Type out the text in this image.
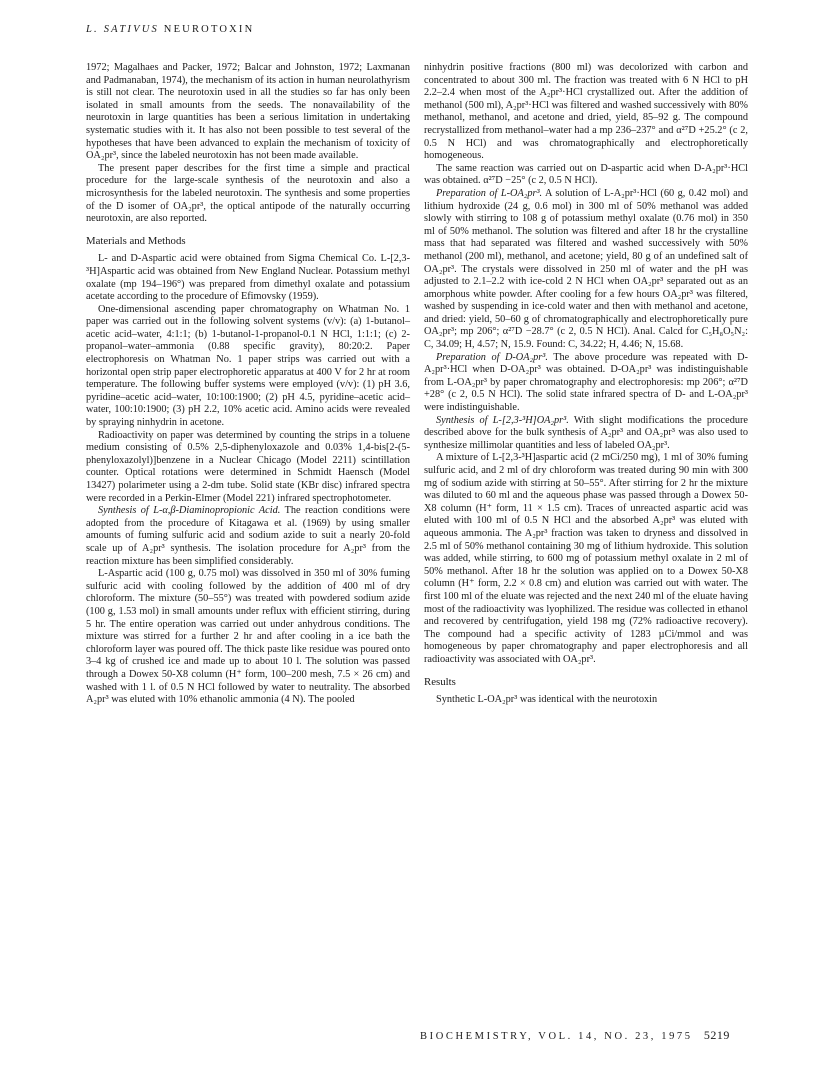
L. SATIVUS NEUROTOXIN

1972; Magalhaes and Packer, 1972; Balcar and Johnston, 1972; Laxmanan and Padmanaban, 1974), the mechanism of its action in human neurolathyrism is still not clear. The neurotoxin used in all the studies so far has only been isolated in small amounts from the seeds. The nonavailability of the neurotoxin in large quantities has been a serious limitation in undertaking systematic studies with it. It has also not been possible to test several of the hypotheses that have been advanced to explain the mechanism of toxicity of OA₂pr³, since the labeled neurotoxin has not been made available.

The present paper describes for the first time a simple and practical procedure for the large-scale synthesis of the neurotoxin and also a microsynthesis for the labeled neurotoxin. The synthesis and some properties of the D isomer of OA₂pr³, the optical antipode of the naturally occurring neurotoxin, are also reported.

Materials and Methods

L- and D-Aspartic acid were obtained from Sigma Chemical Co. L-[2,3-³H]Aspartic acid was obtained from New England Nuclear. Potassium methyl oxalate (mp 194–196°) was prepared from dimethyl oxalate and potassium acetate according to the procedure of Efimovsky (1959).

One-dimensional ascending paper chromatography on Whatman No. 1 paper was carried out in the following solvent systems (v/v): (a) 1-butanol–acetic acid–water, 4:1:1; (b) 1-butanol-1-propanol-0.1 N HCl, 1:1:1; (c) 2-propanol–water–ammonia (0.88 specific gravity), 80:20:2. Paper electrophoresis on Whatman No. 1 paper strips was carried out with a horizontal open strip paper electrophoretic apparatus at 400 V for 2 hr at room temperature. The following buffer systems were employed (v/v): (1) pH 3.6, pyridine–acetic acid–water, 10:100:1900; (2) pH 4.5, pyridine–acetic acid–water, 100:10:1900; (3) pH 2.2, 10% acetic acid. Amino acids were revealed by spraying ninhydrin in acetone.

Radioactivity on paper was determined by counting the strips in a toluene medium consisting of 0.5% 2,5-diphenyloxazole and 0.03% 1,4-bis[2-(5-phenyloxazolyl)]benzene in a Nuclear Chicago (Model 2211) scintillation counter. Optical rotations were determined in Schmidt Haensch (Model 13427) polarimeter using a 2-dm tube. Solid state (KBr disc) infrared spectra were recorded in a Perkin-Elmer (Model 221) infrared spectrophotometer.

Synthesis of L-α,β-Diaminopropionic Acid. The reaction conditions were adopted from the procedure of Kitagawa et al. (1969) by using smaller amounts of fuming sulfuric acid and sodium azide to suit a nearly 20-fold scale up of A₂pr³ synthesis. The isolation procedure for A₂pr³ from the reaction mixture has been simplified considerably.

L-Aspartic acid (100 g, 0.75 mol) was dissolved in 350 ml of 30% fuming sulfuric acid with cooling followed by the addition of 400 ml of dry chloroform. The mixture (50–55°) was treated with powdered sodium azide (100 g, 1.53 mol) in small amounts under reflux with efficient stirring, during 5 hr. The entire operation was carried out under anhydrous conditions. The mixture was stirred for a further 2 hr and after cooling in a ice bath the chloroform layer was poured off. The thick paste like residue was poured onto 3–4 kg of crushed ice and made up to about 10 l. The solution was passed through a Dowex 50-X8 column (H⁺ form, 100–200 mesh, 7.5 × 26 cm) and washed with 1 l. of 0.5 N HCl followed by water to neutrality. The absorbed A₂pr³ was eluted with 10% ethanolic ammonia (4 N). The pooled

ninhydrin positive fractions (800 ml) was decolorized with carbon and concentrated to about 300 ml. The fraction was treated with 6 N HCl to pH 2.2–2.4 when most of the A₂pr³·HCl crystallized out. After the addition of methanol (500 ml), A₂pr³·HCl was filtered and washed successively with 80% methanol, methanol, and acetone and dried, yield, 85–92 g. The compound recrystallized from methanol–water had a mp 236–237° and α²⁷D +25.2° (c 2, 0.5 N HCl) and was chromatographically and electrophoretically homogeneous.

The same reaction was carried out on D-aspartic acid when D-A₂pr³·HCl was obtained. α²⁷D −25° (c 2, 0.5 N HCl).

Preparation of L-OA₂pr³. A solution of L-A₂pr³·HCl (60 g, 0.42 mol) and lithium hydroxide (24 g, 0.6 mol) in 300 ml of 50% methanol was added slowly with stirring to 108 g of potassium methyl oxalate (0.76 mol) in 350 ml of 50% methanol. The solution was filtered and after 18 hr the crystalline mass that had separated was filtered and washed successively with 50% methanol (200 ml), methanol, and acetone; yield, 80 g of an undefined salt of OA₂pr³. The crystals were dissolved in 250 ml of water and the pH was adjusted to 2.1–2.2 with ice-cold 2 N HCl when OA₂pr³ separated out as an amorphous white powder. After cooling for a few hours OA₂pr³ was filtered, washed by suspending in ice-cold water and then with methanol and acetone, and dried: yield, 50–60 g of chromatographically and electrophoretically pure OA₂pr³; mp 206°; α²⁷D −28.7° (c 2, 0.5 N HCl). Anal. Calcd for C₅H₈O₅N₂: C, 34.09; H, 4.57; N, 15.9. Found: C, 34.22; H, 4.46; N, 15.68.

Preparation of D-OA₂pr³. The above procedure was repeated with D-A₂pr³·HCl when D-OA₂pr³ was obtained. D-OA₂pr³ was indistinguishable from L-OA₂pr³ by paper chromatography and electrophoresis: mp 206°; α²⁷D +28° (c 2, 0.5 N HCl). The solid state infrared spectra of D- and L-OA₂pr³ were indistinguishable.

Synthesis of L-[2,3-³H]OA₂pr³. With slight modifications the procedure described above for the bulk synthesis of A₂pr³ and OA₂pr³ was also used to synthesize millimolar quantities and less of labeled OA₂pr³.

A mixture of L-[2,3-³H]aspartic acid (2 mCi/250 mg), 1 ml of 30% fuming sulfuric acid, and 2 ml of dry chloroform was treated during 90 min with 300 mg of sodium azide with stirring at 50–55°. After stirring for 2 hr the mixture was diluted to 60 ml and the aqueous phase was passed through a Dowex 50-X8 column (H⁺ form, 11 × 1.5 cm). Traces of unreacted aspartic acid was eluted with 100 ml of 0.5 N HCl and the absorbed A₂pr³ was eluted with aqueous ammonia. The A₂pr³ fraction was taken to dryness and dissolved in 2.5 ml of 50% methanol containing 30 mg of lithium hydroxide. This solution was added, while stirring, to 600 mg of potassium methyl oxalate in 2 ml of 50% methanol. After 18 hr the solution was applied on to a Dowex 50-X8 column (H⁺ form, 2.2 × 0.8 cm) and elution was carried out with water. The first 100 ml of the eluate was rejected and the next 240 ml of the eluate having most of the radioactivity was lyophilized. The residue was collected in ethanol and recovered by centrifugation, yield 198 mg (72% radioactive recovery). The compound had a specific activity of 1283 µCi/mmol and was homogeneous by paper chromatography and paper electrophoresis and all radioactivity was associated with OA₂pr³.

Results

Synthetic L-OA₂pr³ was identical with the neurotoxin

BIOCHEMISTRY, VOL. 14, NO. 23, 1975 5219
